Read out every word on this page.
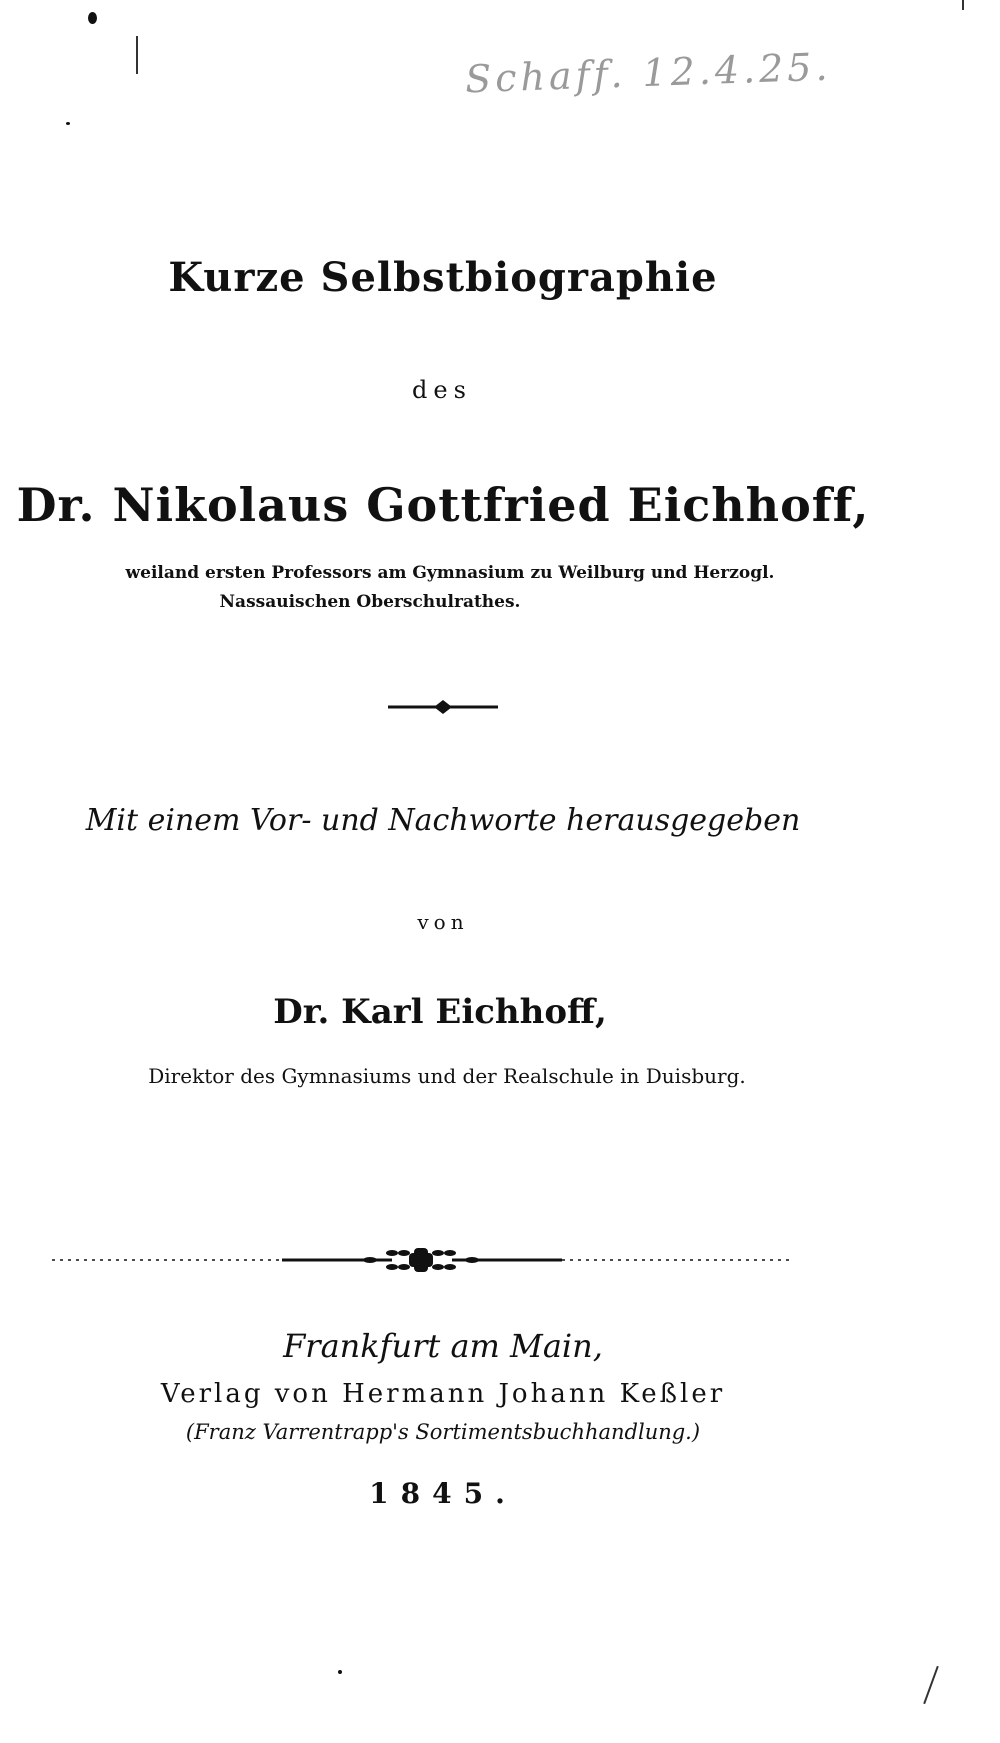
Schaff. 12.4.25.
Kurze Selbstbiographie
des
Dr. Nikolaus Gottfried Eichhoff,
weiland ersten Professors am Gymnasium zu Weilburg und Herzogl.
Nassauischen Oberschulrathes.
Mit einem Vor- und Nachworte herausgegeben
von
Dr. Karl Eichhoff,
Direktor des Gymnasiums und der Realschule in Duisburg.
Frankfurt am Main,
Verlag von Hermann Johann Keßler
(Franz Varrentrapp's Sortimentsbuchhandlung.)
1845.
